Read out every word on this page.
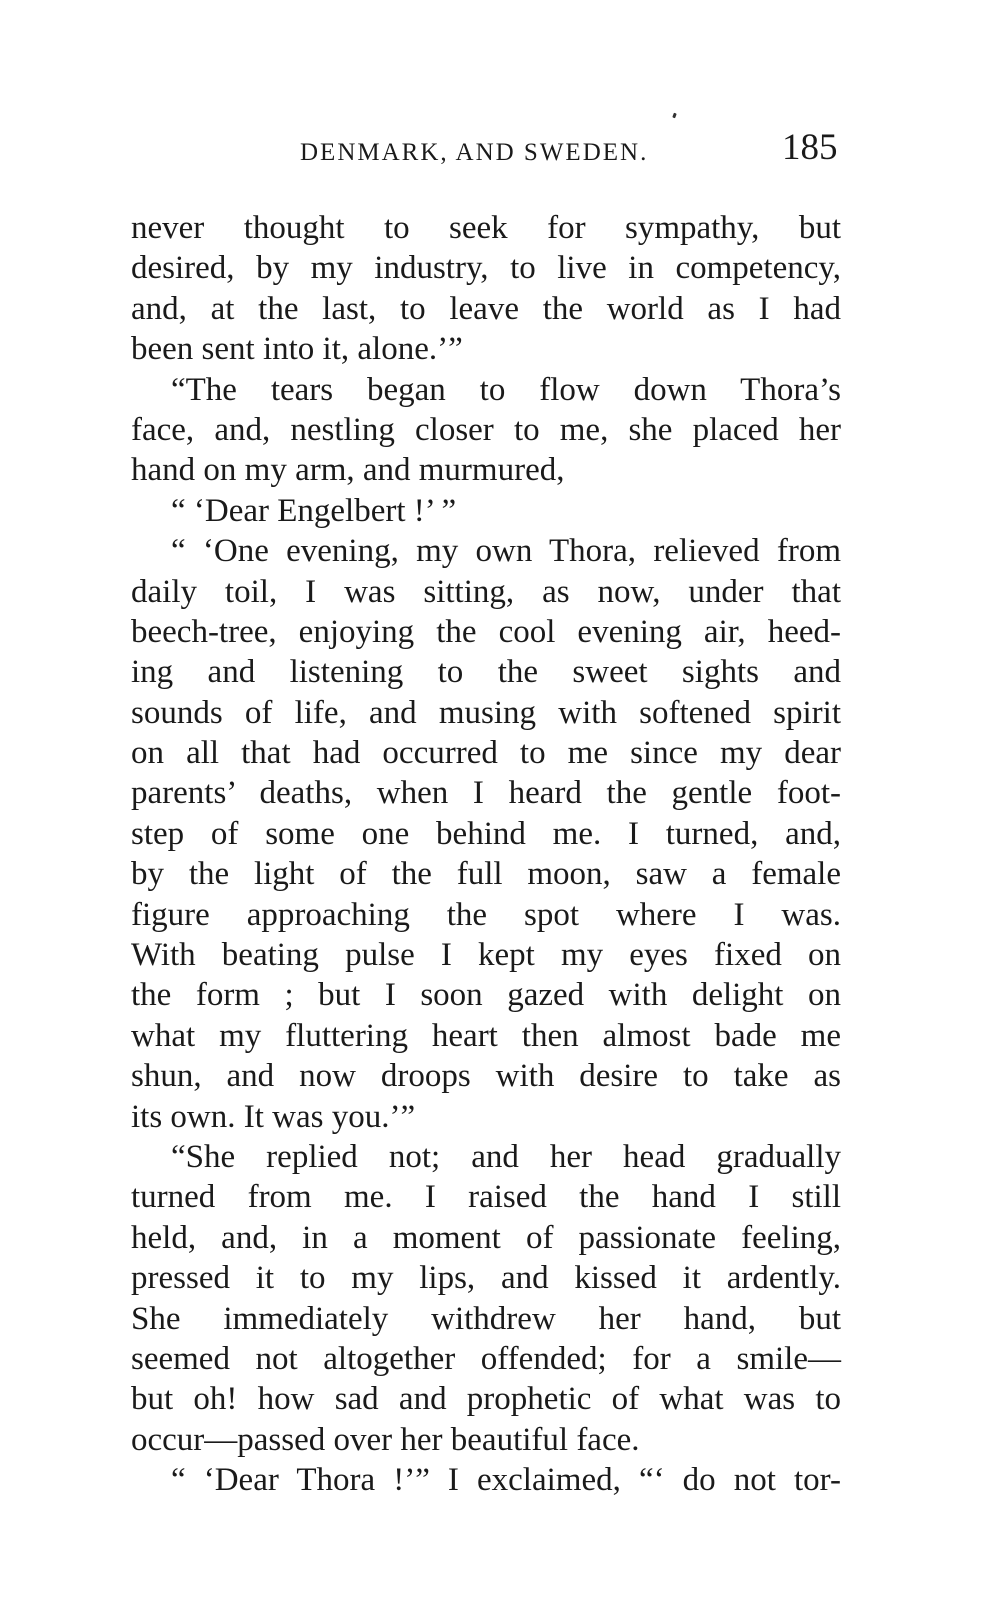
DENMARK, AND SWEDEN.	185
never thought to seek for sympathy, but
desired, by my industry, to live in competency,
and, at the last, to leave the world as I had
been sent into it, alone.’”
“The tears began to flow down Thora’s
face, and, nestling closer to me, she placed her
hand on my arm, and murmured,
“ ‘Dear Engelbert !’ ”
“ ‘One evening, my own Thora, relieved from
daily toil, I was sitting, as now, under that
beech-tree, enjoying the cool evening air, heed-
ing and listening to the sweet sights and
sounds of life, and musing with softened spirit
on all that had occurred to me since my dear
parents’ deaths, when I heard the gentle foot-
step of some one behind me. I turned, and,
by the light of the full moon, saw a female
figure approaching the spot where I was.
With beating pulse I kept my eyes fixed on
the form ; but I soon gazed with delight on
what my fluttering heart then almost bade me
shun, and now droops with desire to take as
its own. It was you.’”
“She replied not; and her head gradually
turned from me. I raised the hand I still
held, and, in a moment of passionate feeling,
pressed it to my lips, and kissed it ardently.
She immediately withdrew her hand, but
seemed not altogether offended; for a smile—
but oh! how sad and prophetic of what was to
occur—passed over her beautiful face.
“ ‘Dear Thora !’” I exclaimed, “‘ do not tor-
